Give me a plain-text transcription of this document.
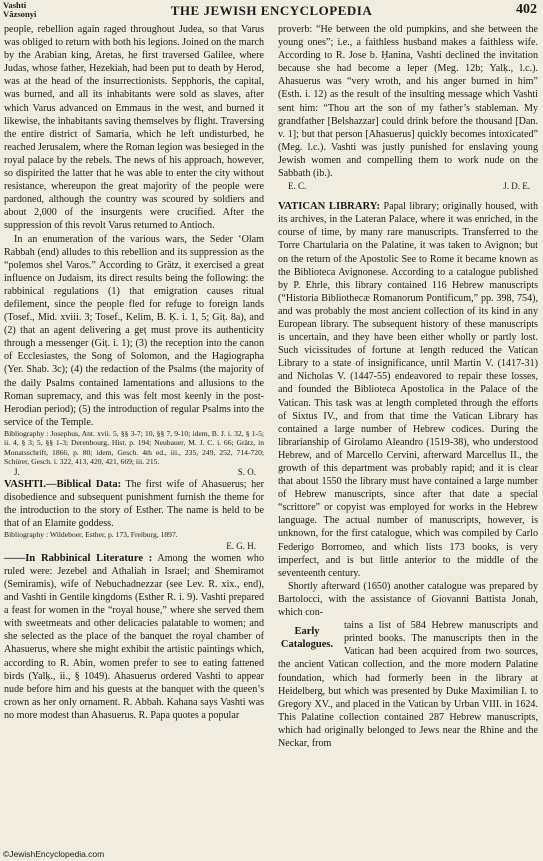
Vashti
Vâzsonyi	THE JEWISH ENCYCLOPEDIA	402

people, rebellion again raged throughout Judea, so that Varus was obliged to return with both his legions. Joined on the march by the Arabian king, Aretas, he first traversed Galilee, where Judas, whose father, Hezekiah, had been put to death by Herod, was at the head of the insurrectionists. Sepphoris, the capital, was burned, and all its inhabitants were sold as slaves, after which Varus advanced on Emmaus in the west, and burned it likewise, the inhabitants saving themselves by flight. Traversing the entire district of Samaria, which he left undisturbed, he reached Jerusalem, where the Roman legion was besieged in the royal palace by the rebels. The news of his approach, however, so dispirited the latter that he was able to enter the city without resistance, whereupon the great majority of the people were pardoned, although the country was scoured by soldiers and about 2,000 of the insurgents were crucified. After the suppression of this revolt Varus returned to Antioch.

In an enumeration of the various wars, the Seder ‘Olam Rabbah (end) alludes to this rebellion and its suppression as the “polemos shel Varos.” According to Grätz, it exercised a great influence on Judaism, its direct results being the following: the rabbinical regulations (1) that emigration causes ritual defilement, since the people fled for refuge to foreign lands (Tosef., Mid. xviii. 3; Tosef., Kelim, B. Ḳ. i. 1, 5; Giṭ. 8a), and (2) that an agent delivering a geṭ must prove its authenticity through a messenger (Giṭ. i. 1); (3) the reception into the canon of Ecclesiastes, the Song of Solomon, and the Hagiographa (Yer. Shab. 3c); (4) the redaction of the Psalms (the majority of the daily Psalms contained lamentations and allusions to the Roman supremacy, and this was felt most keenly in the post-Herodian period); (5) the introduction of regular Psalms into the service of the Temple.

Bibliography : Josephus, Ant. xvii. 5, §§ 3-7; 10, §§ 7, 9-10; idem, B. J. i. 32, § 1-5; ii. 4, § 3; 5, §§ 1-3; Derenbourg, Hist. p. 194; Neubauer, M. J. C. i. 66; Grätz, in Monatsschrift, 1866, p. 80; idem, Gesch. 4th ed., iii., 235, 249, 252, 714-720; Schürer, Gesch. i. 322, 413, 420, 421, 669; iii. 215.

J.	S. O.

VASHTI.—Biblical Data: The first wife of Ahasuerus; her disobedience and subsequent punishment furnish the theme for the introduction to the story of Esther. The name is held to be that of an Elamite goddess.

Bibliography : Wildeboer, Esther, p. 173, Freiburg, 1897.

E. G. H.

——In Rabbinical Literature : Among the women who ruled were: Jezebel and Athaliah in Israel; and Shemiramot (Semiramis), wife of Nebuchadnezzar (see Lev. R. xix., end), and Vashti in Gentile kingdoms (Esther R. i. 9). Vashti prepared a feast for women in the “royal house,” where she served them with sweetmeats and other delicacies palatable to women; and she selected as the place of the banquet the royal chamber of Ahasuerus, where she might exhibit the artistic paintings which, according to R. Abin, women prefer to see to eating fattened birds (Yalḳ., ii., § 1049). Ahasuerus ordered Vashti to appear nude before him and his guests at the banquet with the queen’s crown as her only ornament. R. Abbah. Kahana says Vashti was no more modest than Ahasuerus. R. Papa quotes a popular

proverb: “He between the old pumpkins, and she between the young ones”; i.e., a faithless husband makes a faithless wife. According to R. Jose b. Ḥanina, Vashti declined the invitation because she had become a leper (Meg. 12b; Yalḳ., l.c.). Ahasuerus was “very wroth, and his anger burned in him” (Esth. i. 12) as the result of the insulting message which Vashti sent him: “Thou art the son of my father’s stableman. My grandfather [Belshazzar] could drink before the thousand [Dan. v. 1]; but that person [Ahasuerus] quickly becomes intoxicated” (Meg. l.c.). Vashti was justly punished for enslaving young Jewish women and compelling them to work nude on the Sabbath (ib.).

E. C.	J. D. E.

VATICAN LIBRARY: Papal library; originally housed, with its archives, in the Lateran Palace, where it was enriched, in the course of time, by many rare manuscripts. Transferred to the Torre Chartularia on the Palatine, it was taken to Avignon; but on the return of the Apostolic See to Rome it became known as the Biblioteca Avignonese. According to a catalogue published by P. Ehrle, this library contained 116 Hebrew manuscripts (“Historia Bibliothecæ Romanorum Pontificum,” pp. 398, 754), and was probably the most ancient collection of its kind in any European library. The subsequent history of these manuscripts is uncertain, and they have been either wholly or partly lost. Such vicissitudes of fortune at length reduced the Vatican Library to a state of insignificance, until Martin V. (1417-31) and Nicholas V. (1447-55) endeavored to repair these losses, and founded the Biblioteca Apostolica in the Palace of the Vatican. This task was at length completed through the efforts of Sixtus IV., and from that time the Vatican Library has contained a large number of Hebrew codices. During the librarianship of Girolamo Aleandro (1519-38), who understood Hebrew, and of Marcello Cervini, afterward Marcellus II., the growth of this department was probably rapid; and it is clear that about 1550 the library must have contained a large number of Hebrew manuscripts, since after that date a special “scrittore” or copyist was employed for works in the Hebrew language. The actual number of manuscripts, however, is unknown, for the first catalogue, which was compiled by Carlo Federigo Borromeo, and which lists 173 books, is very imperfect, and is but little anterior to the middle of the seventeenth century.

Shortly afterward (1650) another catalogue was prepared by Bartolocci, with the assistance of Giovanni Battista Jonah, which con-

Early Catalogues.

tains a list of 584 Hebrew manuscripts and printed books. The manuscripts then in the Vatican had been acquired from two sources, the ancient Vatican collection, and the more modern Palatine foundation, which had formerly been in the library at Heidelberg, but which was presented by Duke Maximilian I. to Gregory XV., and placed in the Vatican by Urban VIII. in 1624. This Palatine collection contained 287 Hebrew manuscripts, which had originally belonged to Jews near the Rhine and the Neckar, from

©JewishEncyclopedia.com
